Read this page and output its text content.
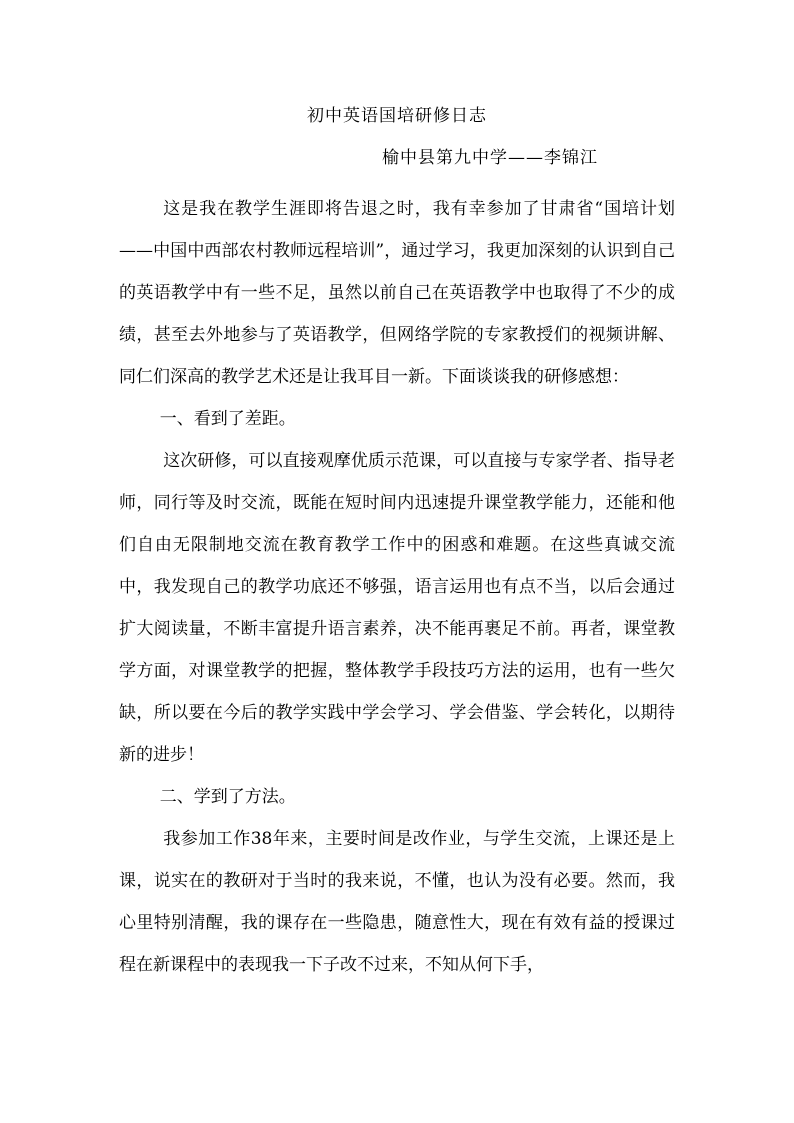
初中英语国培研修日志
榆中县第九中学——李锦江

这是我在教学生涯即将告退之时，我有幸参加了甘肃省“国培计划——中国中西部农村教师远程培训”，通过学习，我更加深刻的认识到自己的英语教学中有一些不足，虽然以前自己在英语教学中也取得了不少的成绩，甚至去外地参与了英语教学，但网络学院的专家教授们的视频讲解、同仁们深高的教学艺术还是让我耳目一新。下面谈谈我的研修感想：

一、看到了差距。

这次研修，可以直接观摩优质示范课，可以直接与专家学者、指导老师，同行等及时交流，既能在短时间内迅速提升课堂教学能力，还能和他们自由无限制地交流在教育教学工作中的困惑和难题。在这些真诚交流中，我发现自己的教学功底还不够强，语言运用也有点不当，以后会通过扩大阅读量，不断丰富提升语言素养，决不能再裹足不前。再者，课堂教学方面，对课堂教学的把握，整体教学手段技巧方法的运用，也有一些欠缺，所以要在今后的教学实践中学会学习、学会借鉴、学会转化，以期待新的进步！

二、学到了方法。

我参加工作38年来，主要时间是改作业，与学生交流，上课还是上课，说实在的教研对于当时的我来说，不懂，也认为没有必要。然而，我心里特别清醒，我的课存在一些隐患，随意性大，现在有效有益的授课过程在新课程中的表现我一下子改不过来，不知从何下手，
